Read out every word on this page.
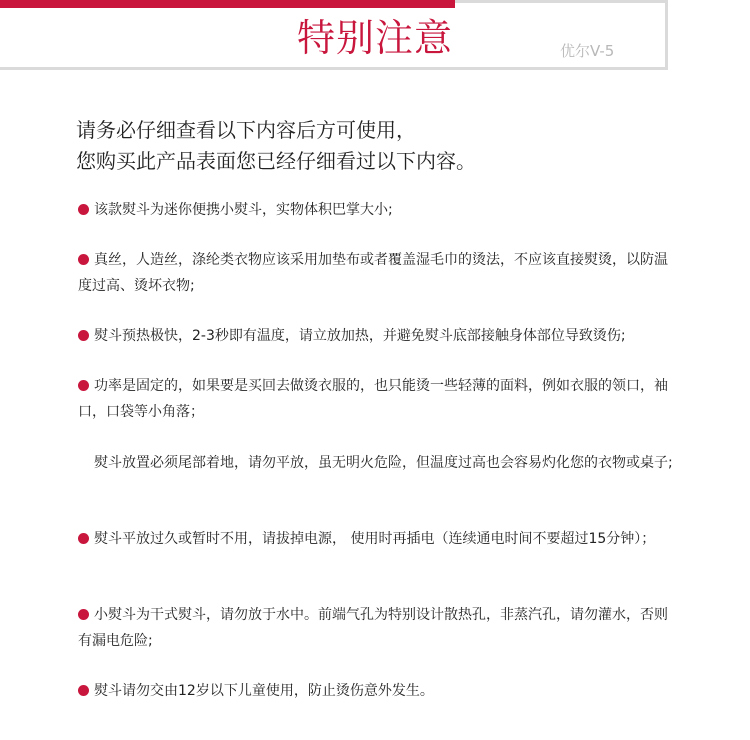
特别注意	优尔V-5

请务必仔细查看以下内容后方可使用，

您购买此产品表面您已经仔细看过以下内容。

该款熨斗为迷你便携小熨斗，实物体积巴掌大小;
真丝，人造丝，涤纶类衣物应该采用加垫布或者覆盖湿毛巾的烫法，不应该直接熨烫，以防温度过高、烫坏衣物;
熨斗预热极快，2-3秒即有温度，请立放加热，并避免熨斗底部接触身体部位导致烫伤;
功率是固定的，如果要是买回去做烫衣服的，也只能烫一些轻薄的面料，例如衣服的领口，袖口，口袋等小角落；
熨斗放置必须尾部着地，请勿平放，虽无明火危险，但温度过高也会容易灼化您的衣物或桌子;
熨斗平放过久或暂时不用，请拔掉电源， 使用时再插电（连续通电时间不要超过15分钟）；
小熨斗为干式熨斗，请勿放于水中。前端气孔为特别设计散热孔，非蒸汽孔，请勿灌水，否则有漏电危险;
熨斗请勿交由12岁以下儿童使用，防止烫伤意外发生。
